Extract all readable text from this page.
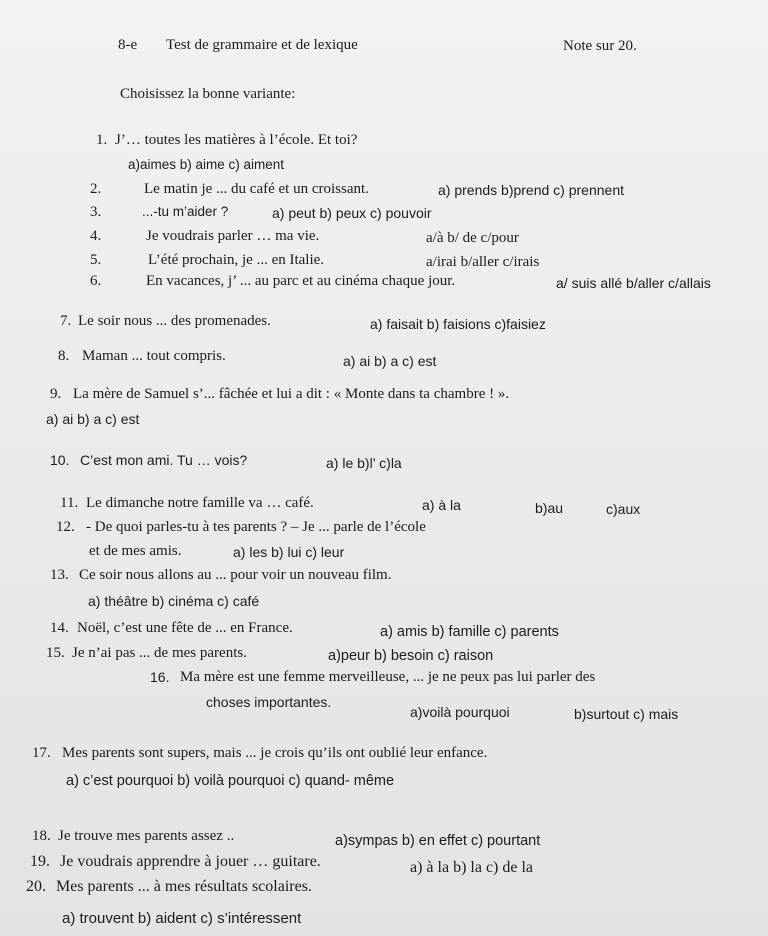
8-e Test de grammaire et de lexique	Note sur 20.
Choisissez la bonne variante:
1. J’… toutes les matières à l’école. Et toi?
a)aimes b) aime c) aiment
2.	Le matin je ... du café et un croissant.	a) prends b)prend c) prennent
3.	...-tu m’aider ?	a) peut b) peux c) pouvoir
4.	Je voudrais parler … ma vie.	a/à b/ de c/pour
5.	L’été prochain, je ... en Italie.	a/irai b/aller c/irais
6.	En vacances, j’ ... au parc et au cinéma chaque jour.	a/ suis allé b/aller c/allais
7. Le soir nous ... des promenades.	a) faisait b) faisions c)faisiez
8. Maman ... tout compris.	a) ai b) a c) est
9. La mère de Samuel s’... fâchée et lui a dit : « Monte dans ta chambre ! ».
a) ai b) a c) est
10. C’est mon ami. Tu … vois?	a) le b)l’ c)la
11. Le dimanche notre famille va … café.	a) à la	b)au	c)aux
12. - De quoi parles-tu à tes parents ? – Je ... parle de l’école
et de mes amis.	a) les b) lui c) leur
13. Ce soir nous allons au ... pour voir un nouveau film.
a) théâtre b) cinéma c) café
14. Noël, c’est une fête de ... en France.	a) amis b) famille c) parents
15. Je n’ai pas ... de mes parents.	a)peur b) besoin c) raison
16. Ma mère est une femme merveilleuse, ... je ne peux pas lui parler des
choses importantes.
a)voilà pourquoi	b)surtout c) mais
17. Mes parents sont supers, mais ... je crois qu’ils ont oublié leur enfance.
a) c’est pourquoi b) voilà pourquoi c) quand- même
18. Je trouve mes parents assez ..	a)sympas b) en effet c) pourtant
19. Je voudrais apprendre à jouer … guitare.	a) à la b) la c) de la
20. Mes parents ... à mes résultats scolaires.
a) trouvent b) aident c) s’intéressent
